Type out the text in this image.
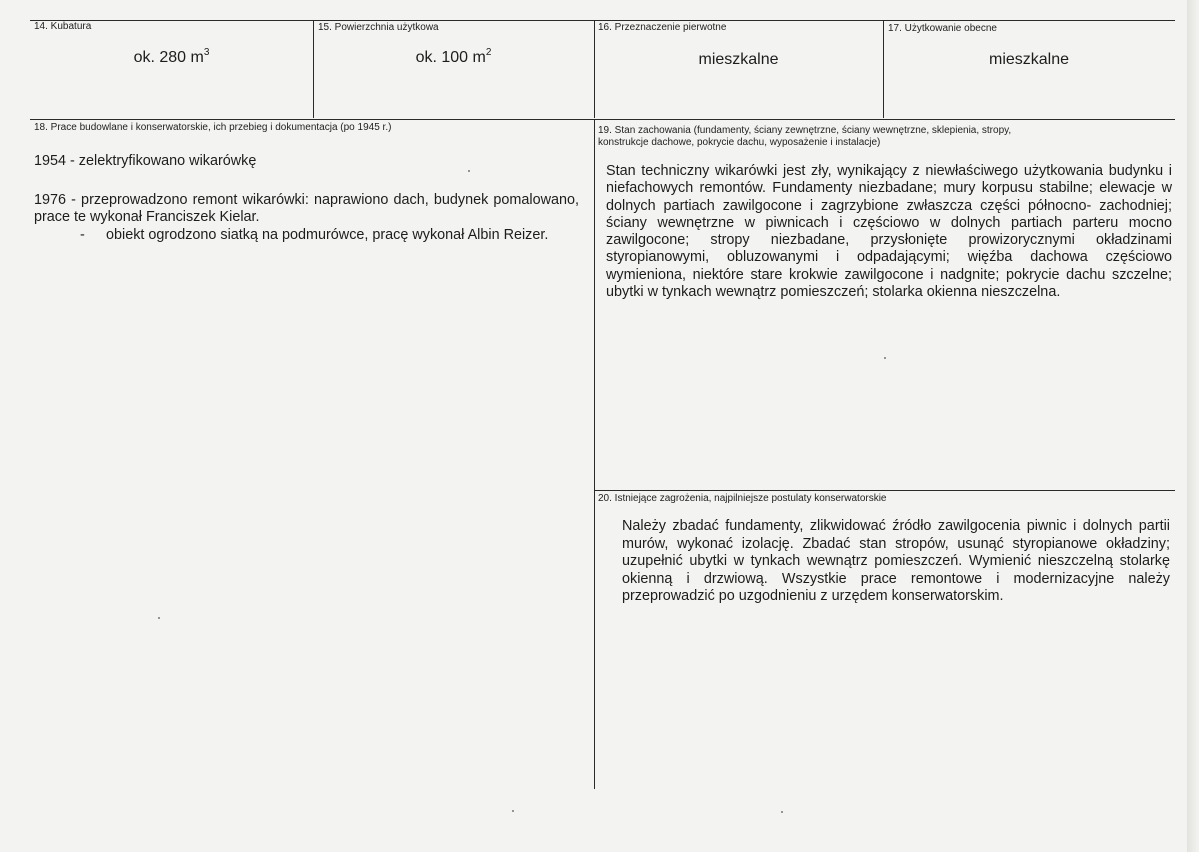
14. Kubatura
ok. 280 $m^3$
15. Powierzchnia użytkowa
ok. 100 $m^2$
16. Przeznaczenie pierwotne
mieszkalne
17. Użytkowanie obecne
mieszkalne
18. Prace budowlane i konserwatorskie, ich przebieg i dokumentacja (po 1945 r.)
1954 - zelektryfikowano wikarówkę
1976 - przeprowadzono remont wikarówki: naprawiono dach, budynek pomalowano, prace te wykonał Franciszek Kielar.
- obiekt ogrodzono siatką na podmurówce, pracę wykonał Albin Reizer.
19. Stan zachowania (fundamenty, ściany zewnętrzne, ściany wewnętrzne, sklepienia, stropy,
konstrukcje dachowe, pokrycie dachu, wyposażenie i instalacje)
Stan techniczny wikarówki jest zły, wynikający z niewłaściwego użytkowania budynku i niefachowych remontów. Fundamenty niezbadane; mury korpusu stabilne; elewacje w dolnych partiach zawilgocone i zagrzybione zwłaszcza części północno- zachodniej; ściany wewnętrzne w piwnicach i częściowo w dolnych partiach parteru mocno zawilgocone; stropy niezbadane, przysłonięte prowizorycznymi okładzinami styropianowymi, obluzowanymi i odpadającymi; więźba dachowa częściowo wymieniona, niektóre stare krokwie zawilgocone i nadgnite; pokrycie dachu szczelne; ubytki w tynkach wewnątrz pomieszczeń; stolarka okienna nieszczelna.
20. Istniejące zagrożenia, najpilniejsze postulaty konserwatorskie
Należy zbadać fundamenty, zlikwidować źródło zawilgocenia piwnic i dolnych partii murów, wykonać izolację. Zbadać stan stropów, usunąć styropianowe okładziny; uzupełnić ubytki w tynkach wewnątrz pomieszczeń. Wymienić nieszczelną stolarkę okienną i drzwiową. Wszystkie prace remontowe i modernizacyjne należy przeprowadzić po uzgodnieniu z urzędem konserwatorskim.
